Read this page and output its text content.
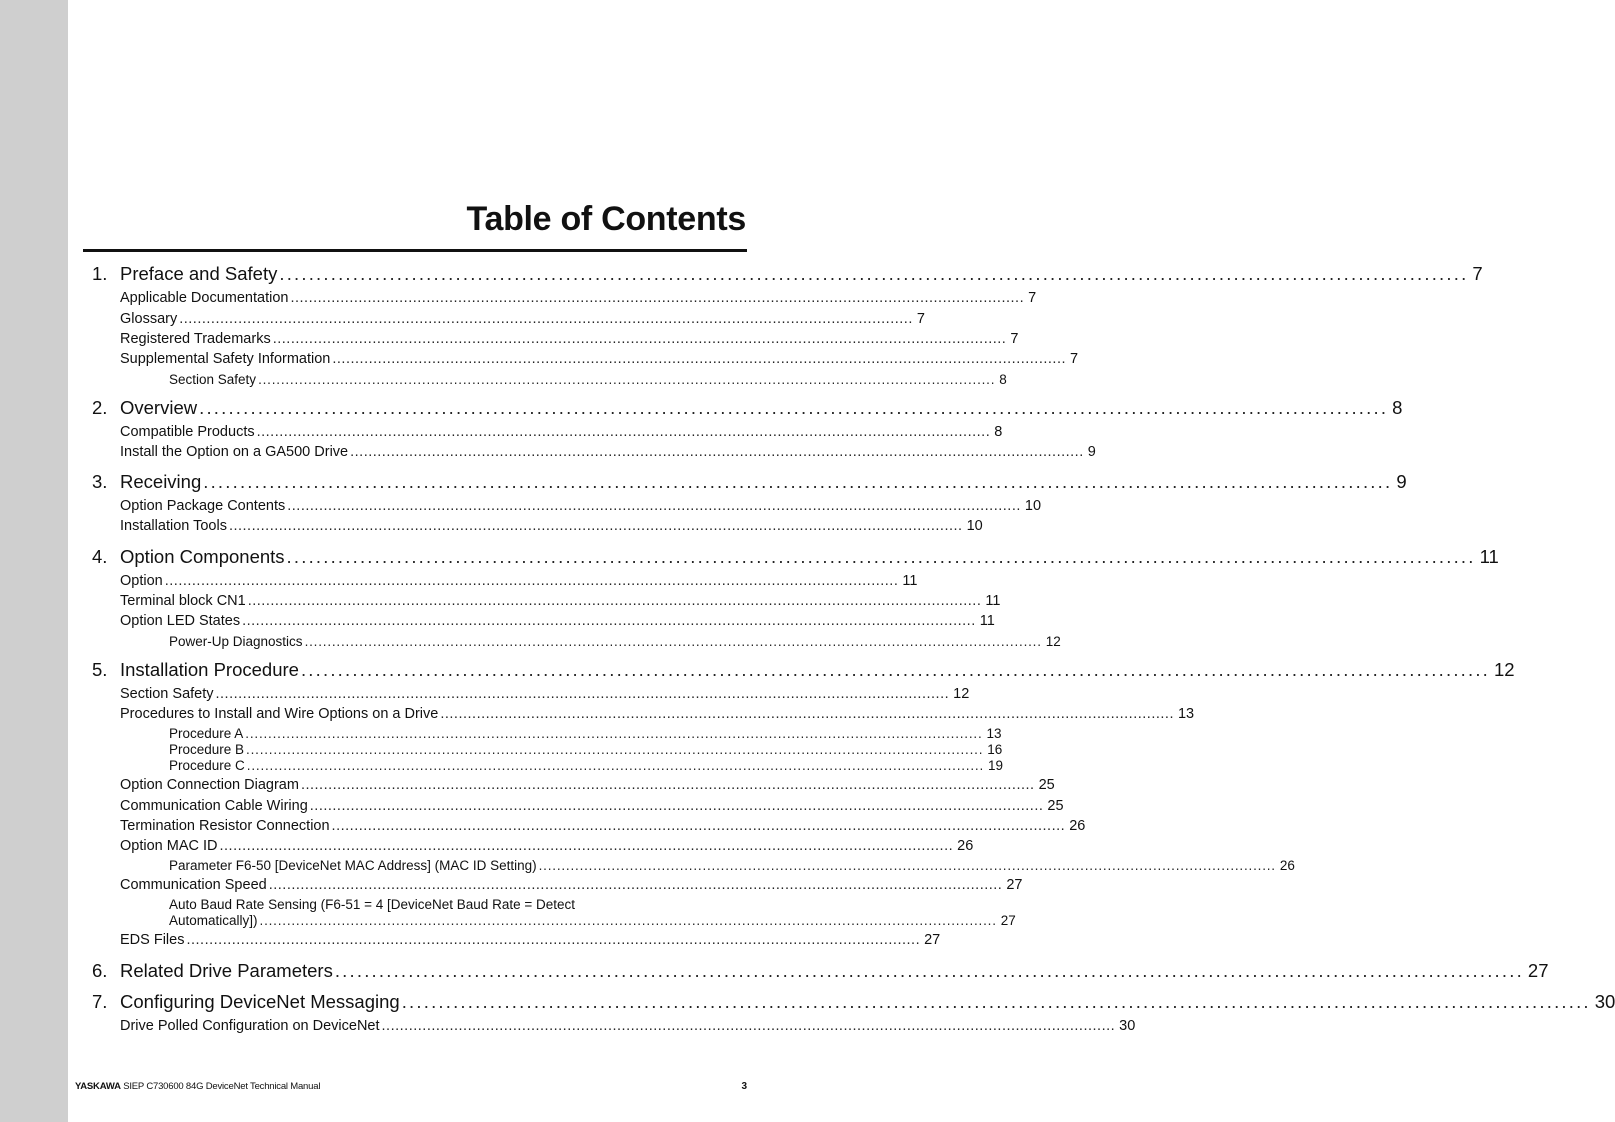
Table of Contents
1. Preface and Safety .................................................................................................................................................................. 7
Applicable Documentation .................................................................................................................................................................. 7
Glossary .................................................................................................................................................................. 7
Registered Trademarks .................................................................................................................................................................. 7
Supplemental Safety Information .................................................................................................................................................................. 7
Section Safety .................................................................................................................................................................. 8
2. Overview .................................................................................................................................................................. 8
Compatible Products .................................................................................................................................................................. 8
Install the Option on a GA500 Drive .................................................................................................................................................................. 9
3. Receiving .................................................................................................................................................................. 9
Option Package Contents .................................................................................................................................................................. 10
Installation Tools .................................................................................................................................................................. 10
4. Option Components .................................................................................................................................................................. 11
Option .................................................................................................................................................................. 11
Terminal block CN1 .................................................................................................................................................................. 11
Option LED States .................................................................................................................................................................. 11
Power-Up Diagnostics .................................................................................................................................................................. 12
5. Installation Procedure .................................................................................................................................................................. 12
Section Safety .................................................................................................................................................................. 12
Procedures to Install and Wire Options on a Drive .................................................................................................................................................................. 13
Procedure A .................................................................................................................................................................. 13
Procedure B .................................................................................................................................................................. 16
Procedure C .................................................................................................................................................................. 19
Option Connection Diagram .................................................................................................................................................................. 25
Communication Cable Wiring .................................................................................................................................................................. 25
Termination Resistor Connection .................................................................................................................................................................. 26
Option MAC ID .................................................................................................................................................................. 26
Parameter F6-50 [DeviceNet MAC Address] (MAC ID Setting) .................................................................................................................................................................. 26
Communication Speed .................................................................................................................................................................. 27
Auto Baud Rate Sensing (F6-51 = 4 [DeviceNet Baud Rate = Detect
Automatically]) .................................................................................................................................................................. 27
EDS Files .................................................................................................................................................................. 27
6. Related Drive Parameters .................................................................................................................................................................. 27
7. Configuring DeviceNet Messaging .................................................................................................................................................................. 30
Drive Polled Configuration on DeviceNet .................................................................................................................................................................. 30
YASKAWA SIEP C730600 84G DeviceNet Technical Manual	3
